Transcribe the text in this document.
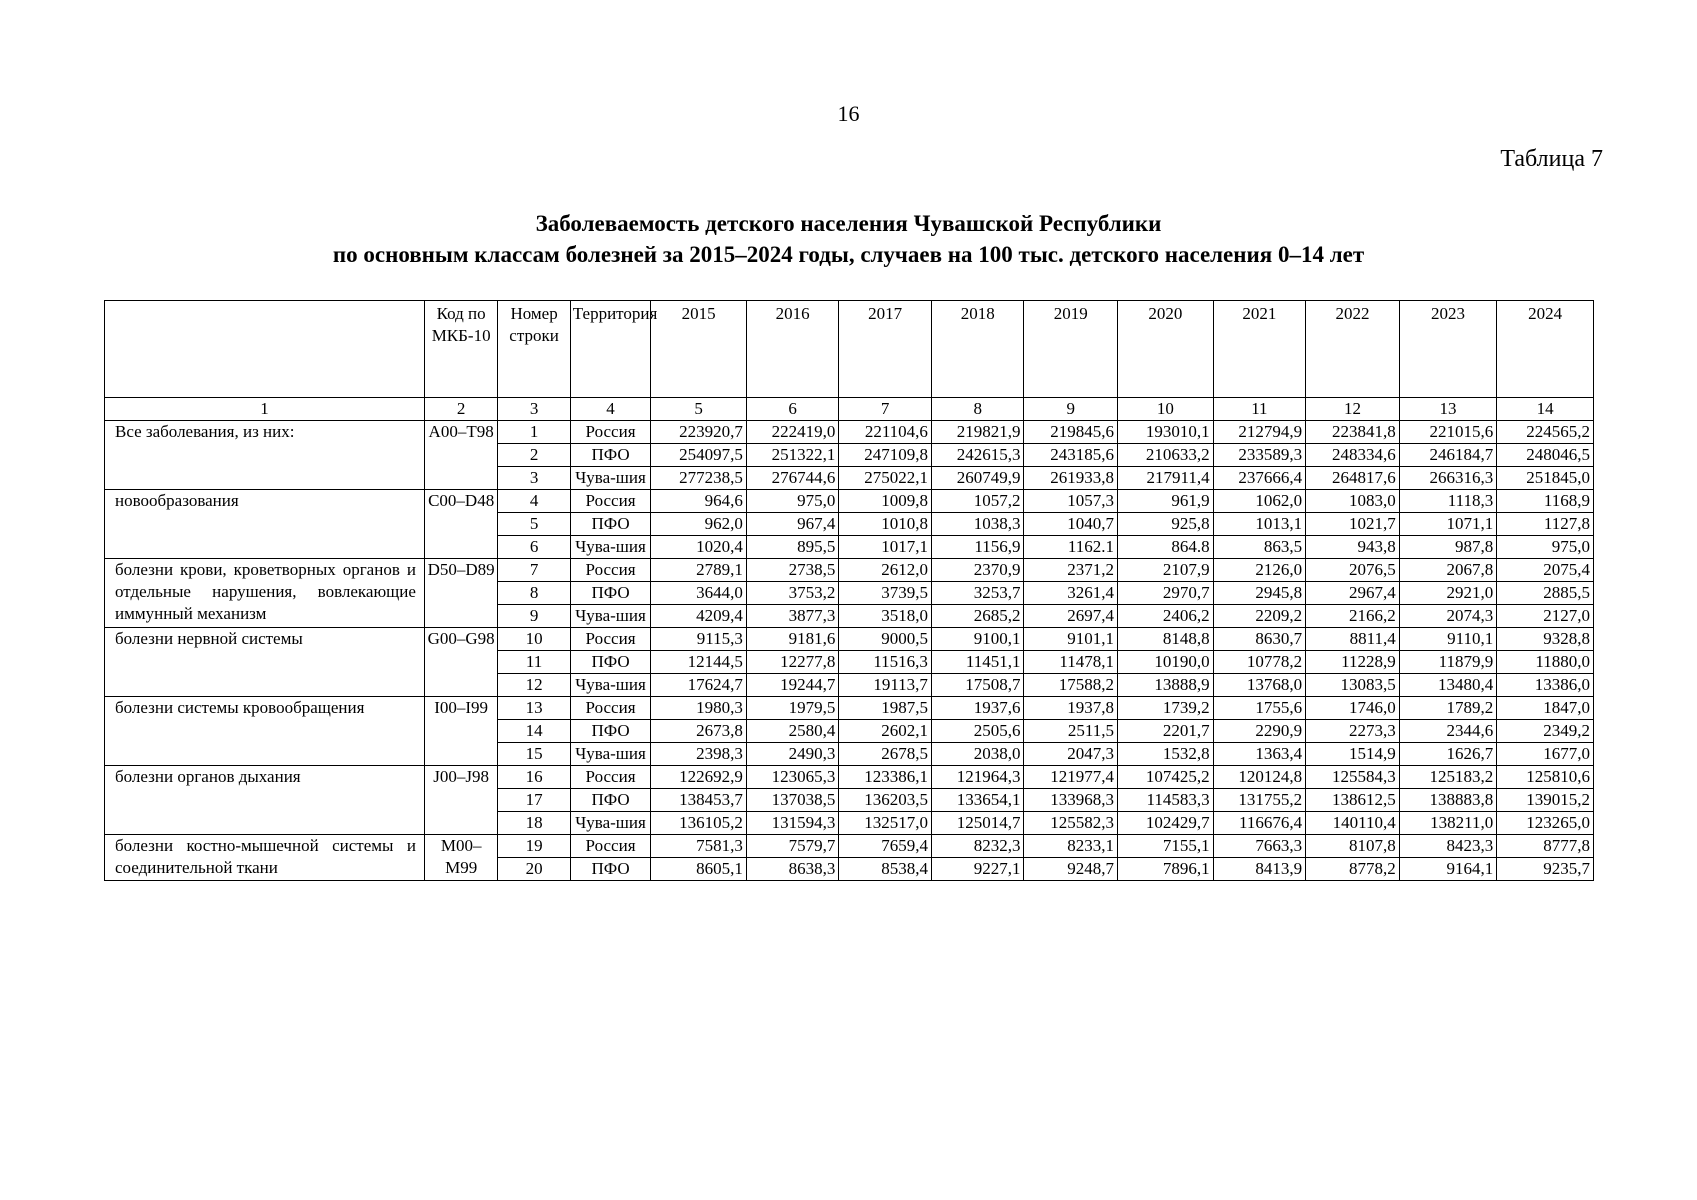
16
Таблица 7
Заболеваемость детского населения Чувашской Республики
по основным классам болезней за 2015–2024 годы, случаев на 100 тыс. детского населения 0–14 лет
	Код по МКБ-10	Номер строки	Территория	2015	2016	2017	2018	2019	2020	2021	2022	2023	2024
1	2	3	4	5	6	7	8	9	10	11	12	13	14
Все заболевания, из них:	A00–T98	1	Россия	223920,7	222419,0	221104,6	219821,9	219845,6	193010,1	212794,9	223841,8	221015,6	224565,2
		2	ПФО	254097,5	251322,1	247109,8	242615,3	243185,6	210633,2	233589,3	248334,6	246184,7	248046,5
		3	Чува-шия	277238,5	276744,6	275022,1	260749,9	261933,8	217911,4	237666,4	264817,6	266316,3	251845,0
новообразования	C00–D48	4	Россия	964,6	975,0	1009,8	1057,2	1057,3	961,9	1062,0	1083,0	1118,3	1168,9
		5	ПФО	962,0	967,4	1010,8	1038,3	1040,7	925,8	1013,1	1021,7	1071,1	1127,8
		6	Чува-шия	1020,4	895,5	1017,1	1156,9	1162.1	864.8	863,5	943,8	987,8	975,0
болезни крови, кроветворных органов и отдельные нарушения, вовлекающие иммунный механизм	D50–D89	7	Россия	2789,1	2738,5	2612,0	2370,9	2371,2	2107,9	2126,0	2076,5	2067,8	2075,4
		8	ПФО	3644,0	3753,2	3739,5	3253,7	3261,4	2970,7	2945,8	2967,4	2921,0	2885,5
		9	Чува-шия	4209,4	3877,3	3518,0	2685,2	2697,4	2406,2	2209,2	2166,2	2074,3	2127,0
болезни нервной системы	G00–G98	10	Россия	9115,3	9181,6	9000,5	9100,1	9101,1	8148,8	8630,7	8811,4	9110,1	9328,8
		11	ПФО	12144,5	12277,8	11516,3	11451,1	11478,1	10190,0	10778,2	11228,9	11879,9	11880,0
		12	Чува-шия	17624,7	19244,7	19113,7	17508,7	17588,2	13888,9	13768,0	13083,5	13480,4	13386,0
болезни системы кровообращения	I00–I99	13	Россия	1980,3	1979,5	1987,5	1937,6	1937,8	1739,2	1755,6	1746,0	1789,2	1847,0
		14	ПФО	2673,8	2580,4	2602,1	2505,6	2511,5	2201,7	2290,9	2273,3	2344,6	2349,2
		15	Чува-шия	2398,3	2490,3	2678,5	2038,0	2047,3	1532,8	1363,4	1514,9	1626,7	1677,0
болезни органов дыхания	J00–J98	16	Россия	122692,9	123065,3	123386,1	121964,3	121977,4	107425,2	120124,8	125584,3	125183,2	125810,6
		17	ПФО	138453,7	137038,5	136203,5	133654,1	133968,3	114583,3	131755,2	138612,5	138883,8	139015,2
		18	Чува-шия	136105,2	131594,3	132517,0	125014,7	125582,3	102429,7	116676,4	140110,4	138211,0	123265,0
болезни костно-мышечной системы и соединительной ткани	M00–M99	19	Россия	7581,3	7579,7	7659,4	8232,3	8233,1	7155,1	7663,3	8107,8	8423,3	8777,8
		20	ПФО	8605,1	8638,3	8538,4	9227,1	9248,7	7896,1	8413,9	8778,2	9164,1	9235,7
